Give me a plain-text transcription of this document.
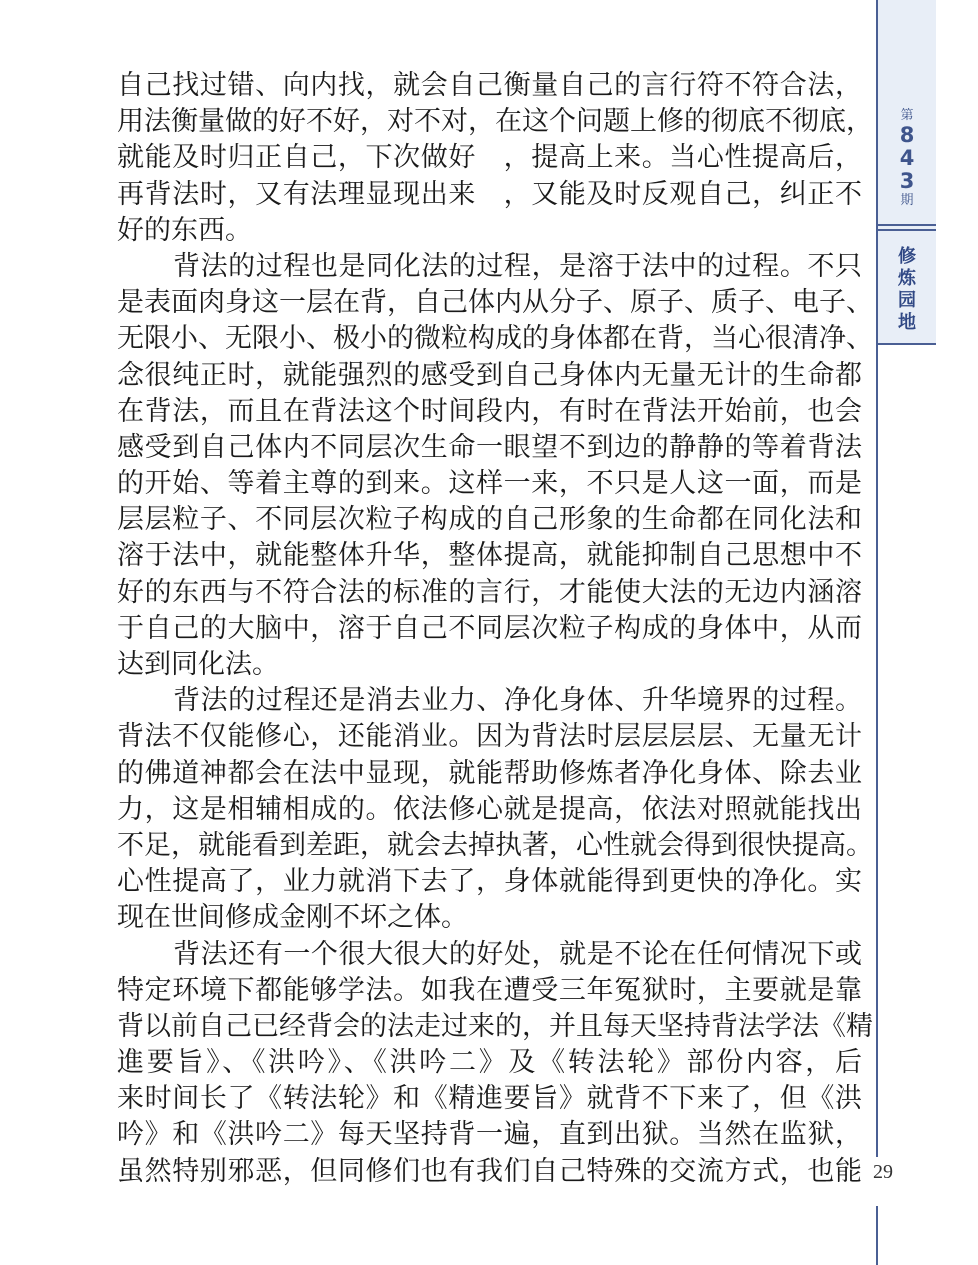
第
8
4
3
期
修
炼
园
地
自己找过错、向内找，就会自己衡量自己的言行符不符合法，
用法衡量做的好不好，对不对，在这个问题上修的彻底不彻底，
就能及时归正自己，下次做好　，提高上来。当心性提高后，
再背法时，又有法理显现出来　，又能及时反观自己，纠正不
好的东西。
背法的过程也是同化法的过程，是溶于法中的过程。不只
是表面肉身这一层在背，自己体内从分子、原子、质子、电子、
无限小、无限小、极小的微粒构成的身体都在背，当心很清净、
念很纯正时，就能强烈的感受到自己身体内无量无计的生命都
在背法，而且在背法这个时间段内，有时在背法开始前，也会
感受到自己体内不同层次生命一眼望不到边的静静的等着背法
的开始、等着主尊的到来。这样一来，不只是人这一面，而是
层层粒子、不同层次粒子构成的自己形象的生命都在同化法和
溶于法中，就能整体升华，整体提高，就能抑制自己思想中不
好的东西与不符合法的标准的言行，才能使大法的无边内涵溶
于自己的大脑中，溶于自己不同层次粒子构成的身体中，从而
达到同化法。
背法的过程还是消去业力、净化身体、升华境界的过程。
背法不仅能修心，还能消业。因为背法时层层层层、无量无计
的佛道神都会在法中显现，就能帮助修炼者净化身体、除去业
力，这是相辅相成的。依法修心就是提高，依法对照就能找出
不足，就能看到差距，就会去掉执著，心性就会得到很快提高。
心性提高了，业力就消下去了，身体就能得到更快的净化。实
现在世间修成金刚不坏之体。
背法还有一个很大很大的好处，就是不论在任何情况下或
特定环境下都能够学法。如我在遭受三年冤狱时，主要就是靠
背以前自己已经背会的法走过来的，并且每天坚持背法学法《精
進要旨》、《洪吟》、《洪吟二》及《转法轮》部份内容，后
来时间长了《转法轮》和《精進要旨》就背不下来了，但《洪
吟》和《洪吟二》每天坚持背一遍，直到出狱。当然在监狱，
虽然特别邪恶，但同修们也有我们自己特殊的交流方式，也能 29
